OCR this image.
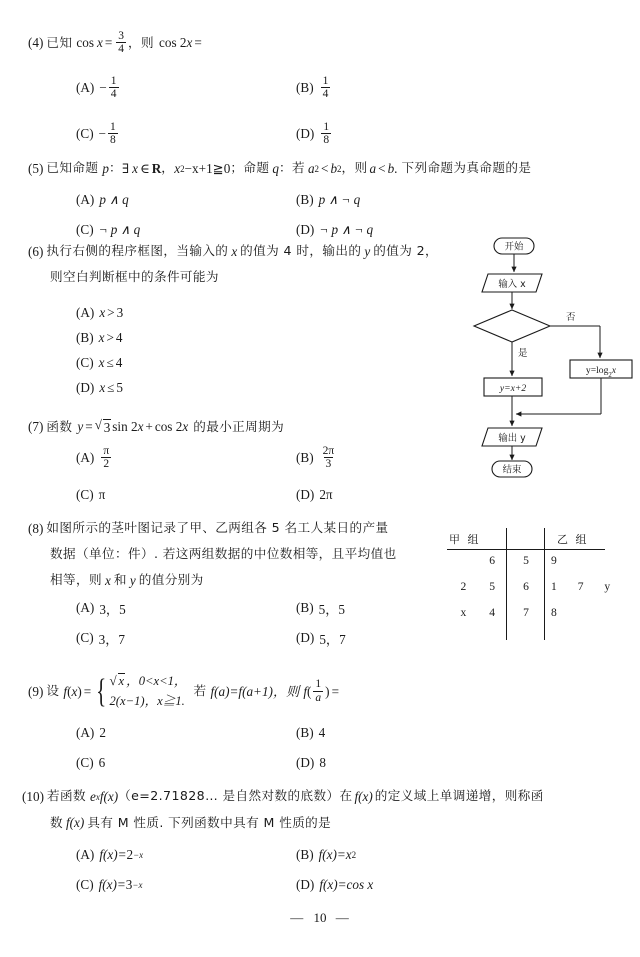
(4) 已知 $\cos x = \frac{3}{4}$ ，则 cos 2 x =
$(A) - \frac{1}{4}$	$(B) \frac{1}{4}$
$(C) - \frac{1}{8}$	$(D) \frac{1}{8}$
(5) 已知命题 p ： ∃ x ∈ R ， x 2 −x+1≧0 ； 命题 q ： 若 a 2 < b 2 ， 则 a < b . 下列命题为真命题的是
(A) p ∧ q	(B) p ∧ ¬ q
(C) ¬ p ∧ q	(D) ¬ p ∧ ¬ q
(6) 执行右侧的程序框图，当输入的 x 的值为 4 时，输出的 y 的值为 2，
则空白判断框中的条件可能为
(A) x > 3
(B) x > 4
(C) x ≤ 4
(D) x ≤ 5
开始
输入 x
否
是
$y=\log_2x$
y=x+2
输出 y
结束
(7) 函数 y = √ 3 sin 2 x + cos 2 x 的最小正周期为
$(A) \frac{\pi}{2}$	$(B) \frac{2\pi}{3}$
(C) π	(D) 2π
(8) 如图所示的茎叶图记录了甲、乙两组各 5 名工人某日的产量
数据（单位：件）. 若这两组数据的中位数相等，且平均值也
相等，则 x 和 y 的值分别为
(A) 3，5	(B) 5，5
(C) 3，7	(D) 5，7
甲 组	乙 组
6	5	9
2 5	6	1 7 y
x 4	7	8
(9) 设 f ( x ) = { √ x ，0<x<1，
2(x−1)，x≧1.
若 f(a)=f(a+1)，则 f ( $\frac{1}{a}$ ) =
(A) 2	(B) 4
(C) 6	(D) 8
(10) 若函数 e x f(x) （e=2.71828… 是自然对数的底数） 在 f(x) 的定义域上单调递增，则称函
数 f(x) 具有 M 性质. 下列函数中具有 M 性质的是
(A) f(x)= 2 −x	(B) f(x)= x 2
(C) f(x)= 3 −x	(D) f(x)=cos x
— 10 —
